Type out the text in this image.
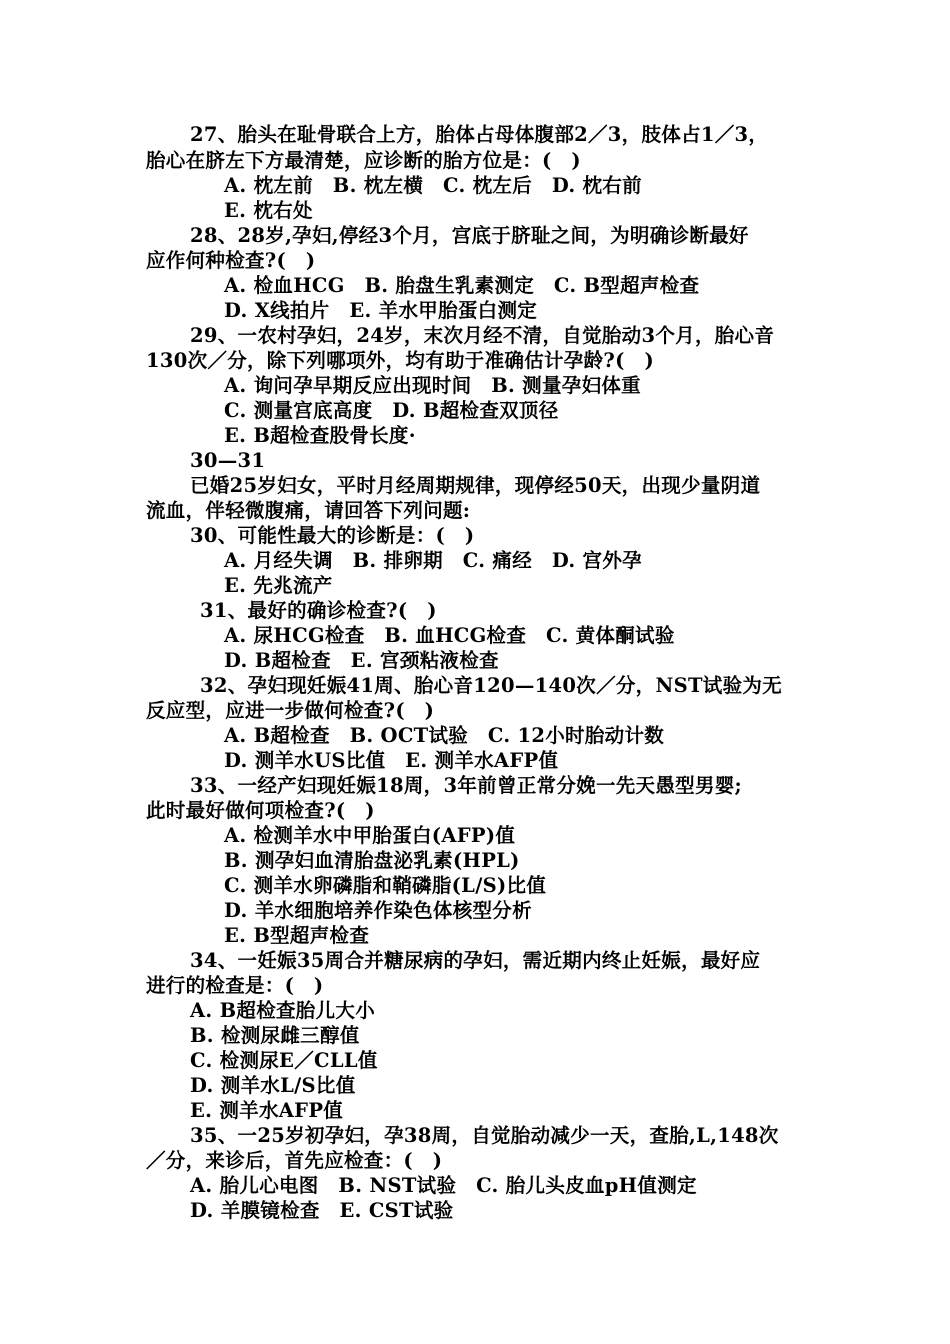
27、胎头在耻骨联合上方，胎体占母体腹部2／3，肢体占1／3，
胎心在脐左下方最清楚，应诊断的胎方位是：(　)
A. 枕左前　B. 枕左横　C. 枕左后　D. 枕右前
E. 枕右处
28、28岁,孕妇,停经3个月，宫底于脐耻之间，为明确诊断最好
应作何种检查?(　)
A. 检血HCG　B. 胎盘生乳素测定　C. B型超声检查
D. X线拍片　E. 羊水甲胎蛋白测定
29、一农村孕妇，24岁，末次月经不清，自觉胎动3个月，胎心音
130次／分，除下列哪项外，均有助于准确估计孕龄?(　)
A. 询问孕早期反应出现时间　B. 测量孕妇体重
C. 测量宫底高度　D. B超检查双顶径
E. B超检查股骨长度·
30—31
已婚25岁妇女，平时月经周期规律，现停经50天，出现少量阴道
流血，伴轻微腹痛，请回答下列问题:
30、可能性最大的诊断是：(　)
A. 月经失调　B. 排卵期　C. 痛经　D. 宫外孕
E. 先兆流产
31、最好的确诊检查?(　)
A. 尿HCG检查　B. 血HCG检查　C. 黄体酮试验
D. B超检查　E. 宫颈粘液检查
32、孕妇现妊娠41周、胎心音120—140次／分，NST试验为无
反应型，应进一步做何检查?(　)
A. B超检查　B. OCT试验　C. 12小时胎动计数
D. 测羊水US比值　E. 测羊水AFP值
33、一经产妇现妊娠18周，3年前曾正常分娩一先天愚型男婴;
此时最好做何项检查?(　)
A. 检测羊水中甲胎蛋白(AFP)值
B. 测孕妇血清胎盘泌乳素(HPL)
C. 测羊水卵磷脂和鞘磷脂(L/S)比值
D. 羊水细胞培养作染色体核型分析
E. B型超声检查
34、一妊娠35周合并糖尿病的孕妇，需近期内终止妊娠，最好应
进行的检查是：(　)
A. B超检查胎儿大小
B. 检测尿雌三醇值
C. 检测尿E／CLL值
D. 测羊水L/S比值
E. 测羊水AFP值
35、一25岁初孕妇，孕38周，自觉胎动减少一天，查胎,L,148次
／分，来诊后，首先应检查：(　)
A. 胎儿心电图　B. NST试验　C. 胎儿头皮血pH值测定
D. 羊膜镜检查　E. CST试验
